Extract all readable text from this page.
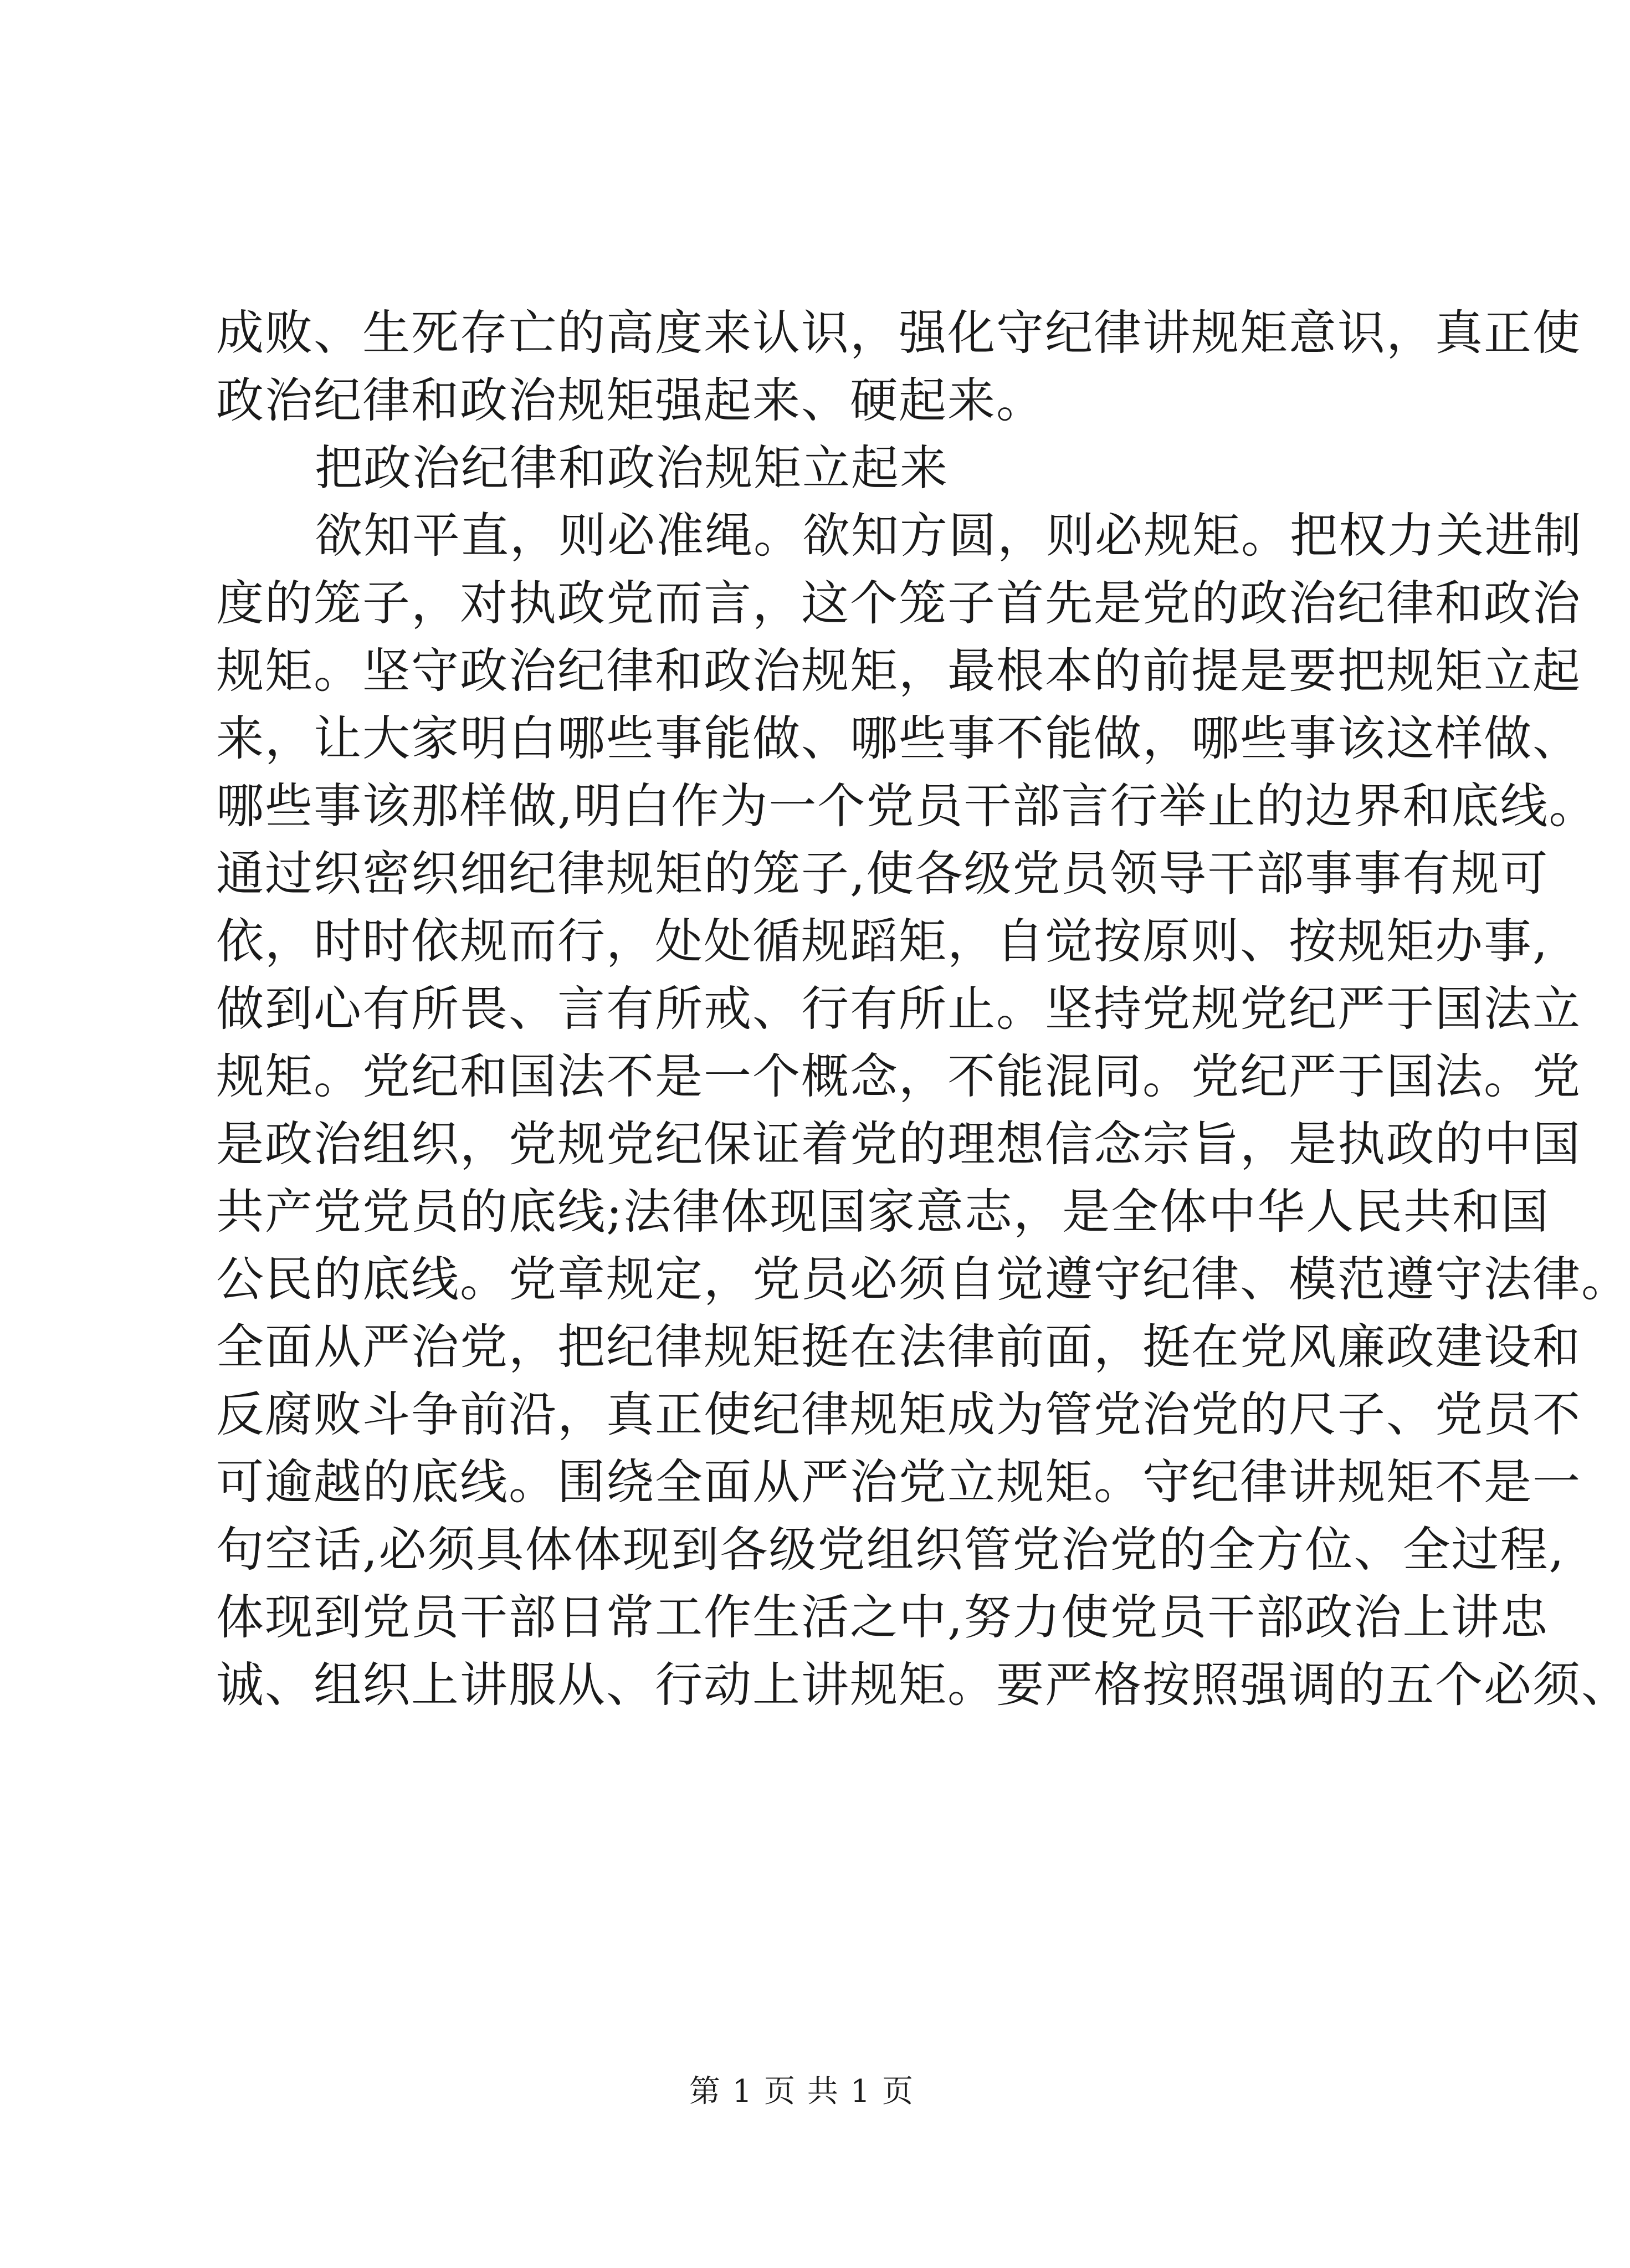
成败、生死存亡的高度来认识，强化守纪律讲规矩意识，真正使
政治纪律和政治规矩强起来、硬起来。
把政治纪律和政治规矩立起来
欲知平直，则必准绳。欲知方圆，则必规矩。把权力关进制
度的笼子，对执政党而言，这个笼子首先是党的政治纪律和政治
规矩。坚守政治纪律和政治规矩，最根本的前提是要把规矩立起
来，让大家明白哪些事能做、哪些事不能做，哪些事该这样做、
哪些事该那样做,明白作为一个党员干部言行举止的边界和底线。
通过织密织细纪律规矩的笼子,使各级党员领导干部事事有规可
依，时时依规而行，处处循规蹈矩，自觉按原则、按规矩办事,
做到心有所畏、言有所戒、行有所止。坚持党规党纪严于国法立
规矩。党纪和国法不是一个概念，不能混同。党纪严于国法。党
是政治组织，党规党纪保证着党的理想信念宗旨，是执政的中国
共产党党员的底线;法律体现国家意志，是全体中华人民共和国
公民的底线。党章规定，党员必须自觉遵守纪律、模范遵守法律。
全面从严治党，把纪律规矩挺在法律前面，挺在党风廉政建设和
反腐败斗争前沿，真正使纪律规矩成为管党治党的尺子、党员不
可逾越的底线。围绕全面从严治党立规矩。守纪律讲规矩不是一
句空话,必须具体体现到各级党组织管党治党的全方位、全过程,
体现到党员干部日常工作生活之中,努力使党员干部政治上讲忠
诚、组织上讲服从、行动上讲规矩。要严格按照强调的五个必须、
第 1 页 共 1 页
